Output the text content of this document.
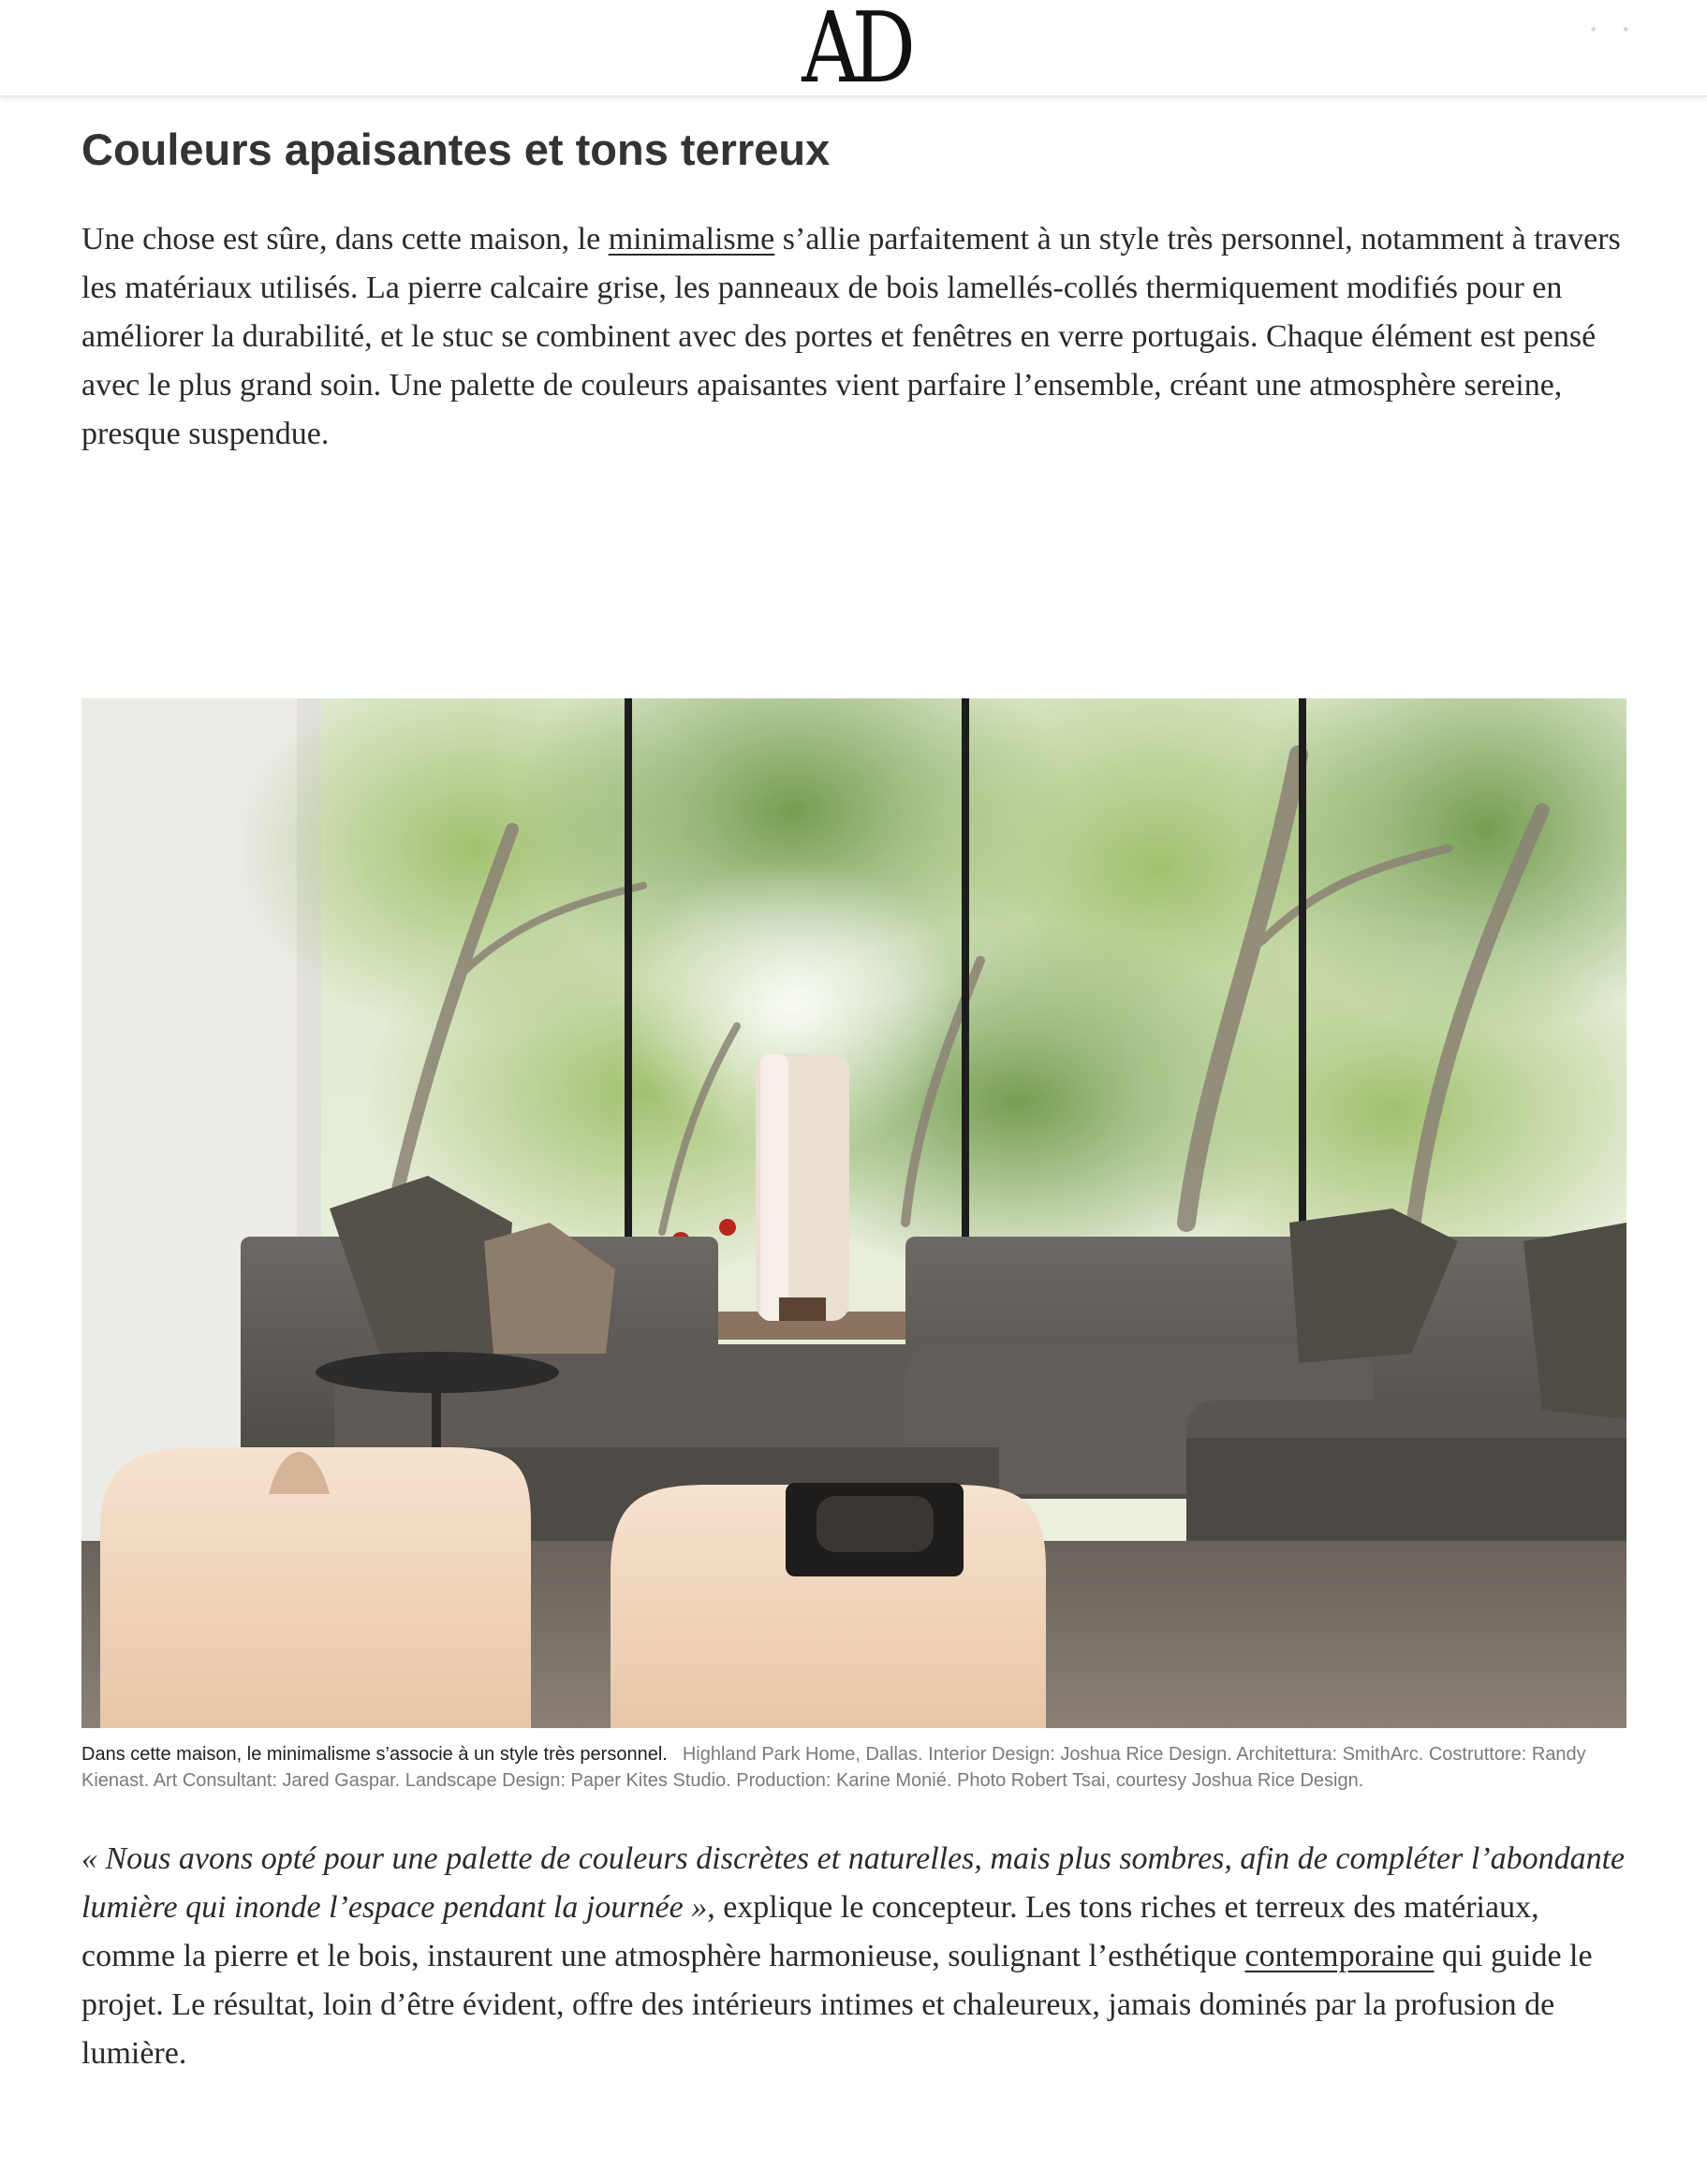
AD	• •
Couleurs apaisantes et tons terreux

Une chose est sûre, dans cette maison, le minimalisme s’allie parfaitement à un style très personnel, notamment à travers les matériaux utilisés. La pierre calcaire grise, les panneaux de bois lamellés-collés thermiquement modifiés pour en améliorer la durabilité, et le stuc se combinent avec des portes et fenêtres en verre portugais. Chaque élément est pensé avec le plus grand soin. Une palette de couleurs apaisantes vient parfaire l’ensemble, créant une atmosphère sereine, presque suspendue.

Dans cette maison, le minimalisme s’associe à un style très personnel. Highland Park Home, Dallas. Interior Design: Joshua Rice Design. Architettura: SmithArc. Costruttore: Randy Kienast. Art Consultant: Jared Gaspar. Landscape Design: Paper Kites Studio. Production: Karine Monié. Photo Robert Tsai, courtesy Joshua Rice Design.

« Nous avons opté pour une palette de couleurs discrètes et naturelles, mais plus sombres, afin de compléter l’abondante lumière qui inonde l’espace pendant la journée », explique le concepteur. Les tons riches et terreux des matériaux, comme la pierre et le bois, instaurent une atmosphère harmonieuse, soulignant l’esthétique contemporaine qui guide le projet. Le résultat, loin d’être évident, offre des intérieurs intimes et chaleureux, jamais dominés par la profusion de lumière.
